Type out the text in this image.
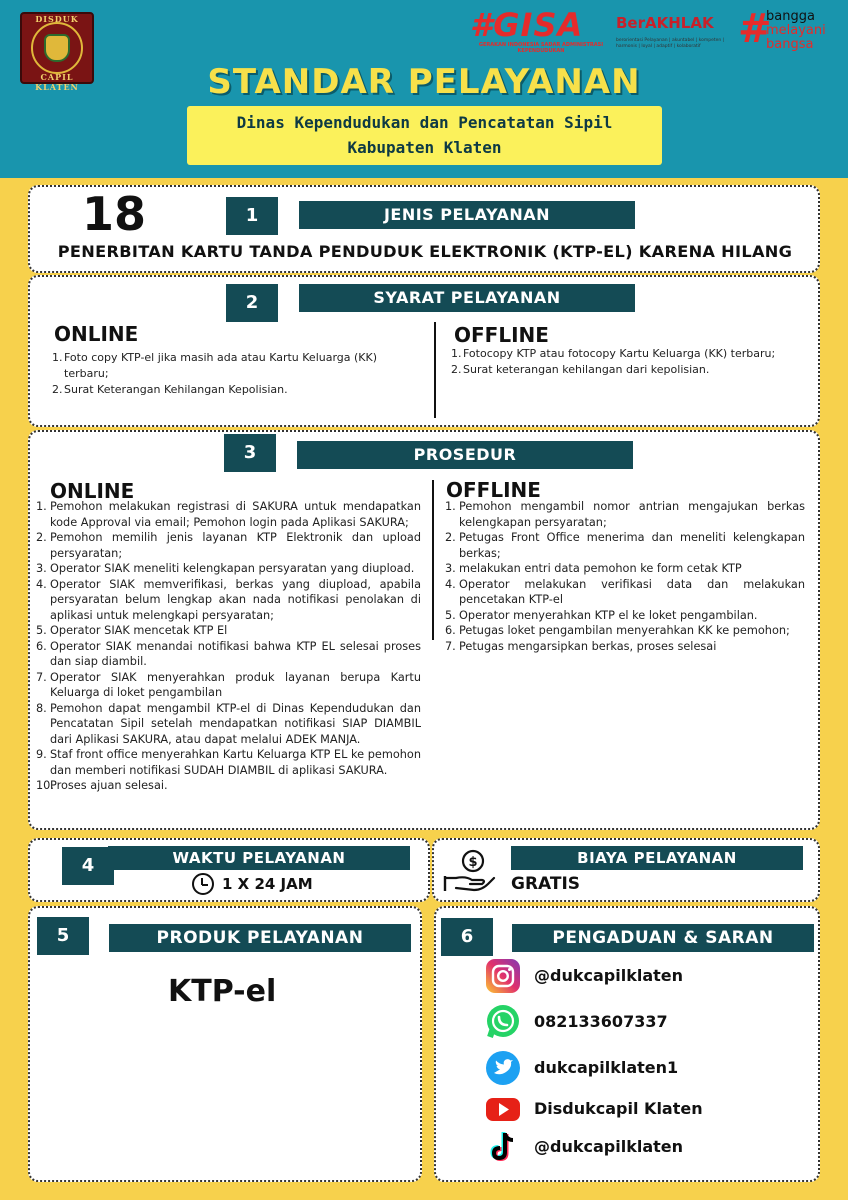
DISDUK
CAPIL KLATEN
#GISA
GERAKAN INDONESIA SADAR ADMINISTRASI KEPENDUDUKAN
BerAKHLAK
berorientasi Pelayanan | akuntabel | kompeten | harmonis | loyal | adaptif | kolaboratif #
bangga
melayani
bangsa
STANDAR PELAYANAN
Dinas Kependudukan dan Pencatatan Sipil
Kabupaten Klaten
18	1	JENIS PELAYANAN
PENERBITAN KARTU TANDA PENDUDUK ELEKTRONIK (KTP-EL) KARENA HILANG
2	SYARAT PELAYANAN
ONLINE
1. Foto copy KTP-el jika masih ada atau Kartu Keluarga (KK) terbaru;
2. Surat Keterangan Kehilangan Kepolisian.
OFFLINE
1. Fotocopy KTP atau fotocopy Kartu Keluarga (KK) terbaru;
2. Surat keterangan kehilangan dari kepolisian.
3	PROSEDUR
ONLINE
1. Pemohon melakukan registrasi di SAKURA untuk mendapatkan kode Approval via email; Pemohon login pada Aplikasi SAKURA;
2. Pemohon memilih jenis layanan KTP Elektronik dan upload persyaratan;
3. Operator SIAK meneliti kelengkapan persyaratan yang diupload.
4. Operator SIAK memverifikasi, berkas yang diupload, apabila persyaratan belum lengkap akan nada notifikasi penolakan di aplikasi untuk melengkapi persyaratan;
5. Operator SIAK mencetak KTP El
6. Operator SIAK menandai notifikasi bahwa KTP EL selesai proses dan siap diambil.
7. Operator SIAK menyerahkan produk layanan berupa Kartu Keluarga di loket pengambilan
8. Pemohon dapat mengambil KTP-el di Dinas Kependudukan dan Pencatatan Sipil setelah mendapatkan notifikasi SIAP DIAMBIL dari Aplikasi SAKURA, atau dapat melalui ADEK MANJA.
9. Staf front office menyerahkan Kartu Keluarga KTP EL ke pemohon dan memberi notifikasi SUDAH DIAMBIL di aplikasi SAKURA.
10.
Proses ajuan selesai.
OFFLINE
1. Pemohon mengambil nomor antrian mengajukan berkas kelengkapan persyaratan;
2. Petugas Front Office menerima dan meneliti kelengkapan berkas;
3. melakukan entri data pemohon ke form cetak KTP
4. Operator melakukan verifikasi data dan melakukan pencetakan KTP-el
5. Operator menyerahkan KTP el ke loket pengambilan.
6. Petugas loket pengambilan menyerahkan KK ke pemohon;
7. Petugas mengarsipkan berkas, proses selesai
4	WAKTU PELAYANAN
1 X 24 JAM
$	BIAYA PELAYANAN
GRATIS
5	PRODUK PELAYANAN
KTP-el
6	PENGADUAN & SARAN
@dukcapilklaten
082133607337
dukcapilklaten1
Disdukcapil Klaten
@dukcapilklaten
